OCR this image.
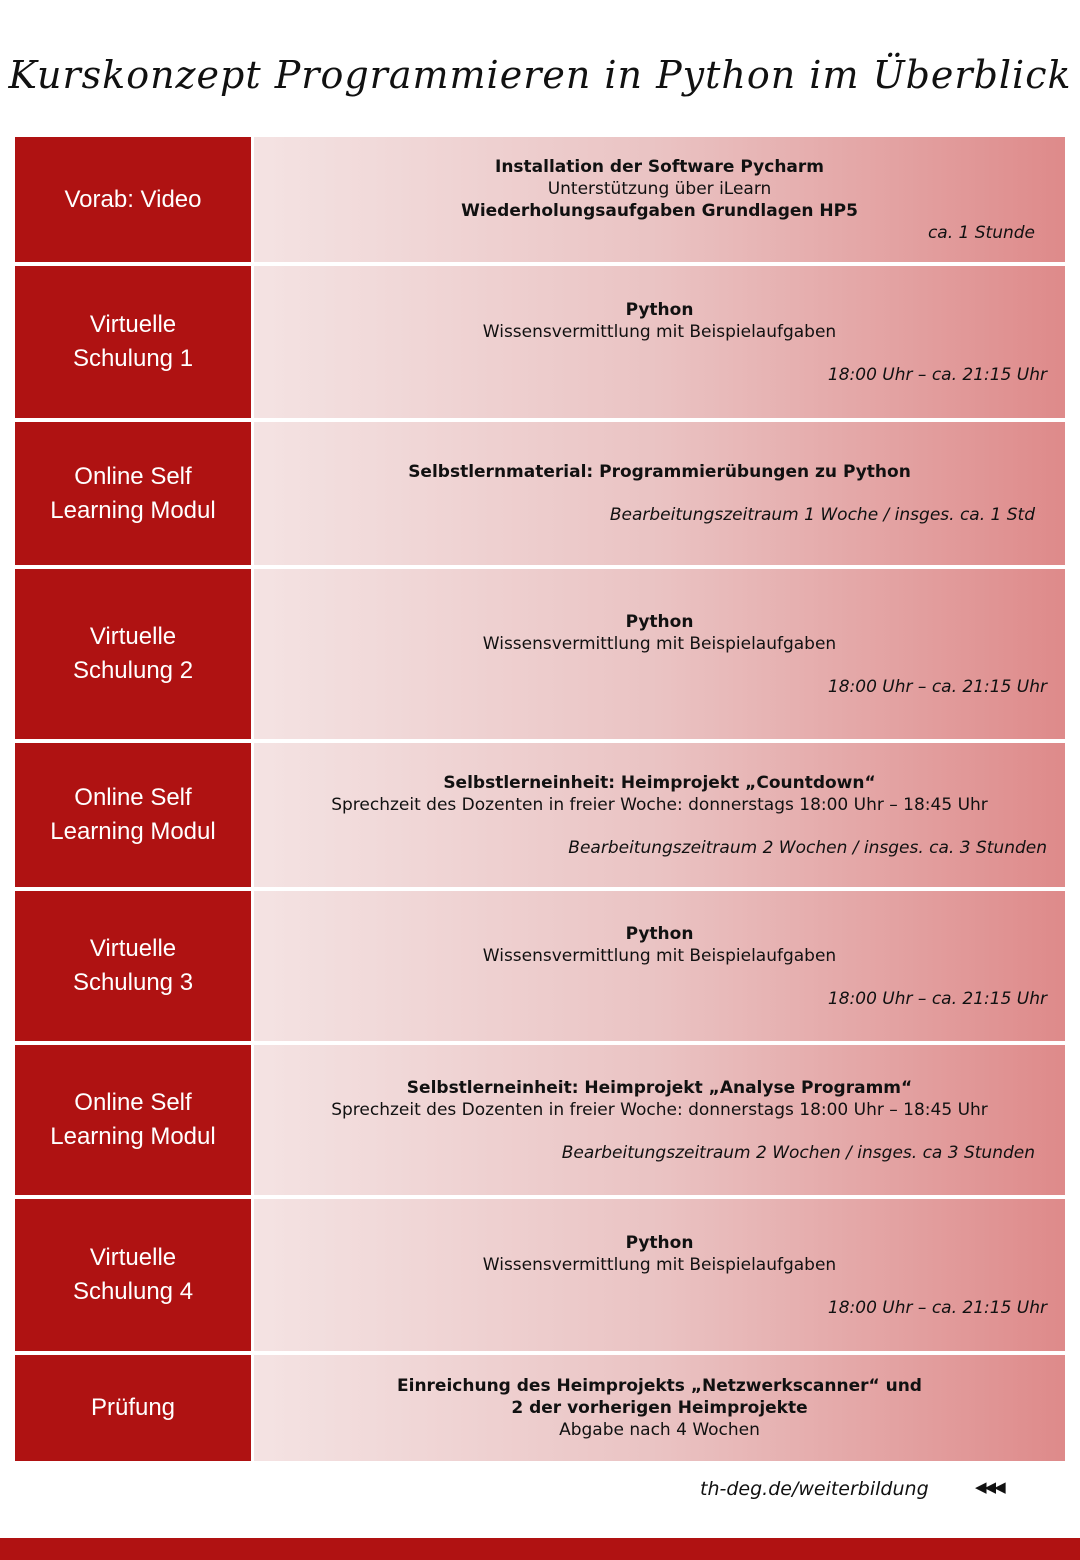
Kurskonzept Programmieren in Python im Überblick
Vorab: Video
Installation der Software Pycharm
Unterstützung über iLearn
Wiederholungsaufgaben Grundlagen HP5
ca. 1 Stunde
Virtuelle
Schulung 1
Python
Wissensvermittlung mit Beispielaufgaben
18:00 Uhr – ca. 21:15 Uhr
Online Self
Learning Modul
Selbstlernmaterial: Programmierübungen zu Python
Bearbeitungszeitraum 1 Woche / insges. ca. 1 Std
Virtuelle
Schulung 2
Python
Wissensvermittlung mit Beispielaufgaben
18:00 Uhr – ca. 21:15 Uhr
Online Self
Learning Modul
Selbstlerneinheit: Heimprojekt „Countdown“
Sprechzeit des Dozenten in freier Woche: donnerstags 18:00 Uhr – 18:45 Uhr
Bearbeitungszeitraum 2 Wochen / insges. ca. 3 Stunden
Virtuelle
Schulung 3
Python
Wissensvermittlung mit Beispielaufgaben
18:00 Uhr – ca. 21:15 Uhr
Online Self
Learning Modul
Selbstlerneinheit: Heimprojekt „Analyse Programm“
Sprechzeit des Dozenten in freier Woche: donnerstags 18:00 Uhr – 18:45 Uhr
Bearbeitungszeitraum 2 Wochen / insges. ca 3 Stunden
Virtuelle
Schulung 4
Python
Wissensvermittlung mit Beispielaufgaben
18:00 Uhr – ca. 21:15 Uhr
Prüfung
Einreichung des Heimprojekts „Netzwerkscanner“ und
2 der vorherigen Heimprojekte
Abgabe nach 4 Wochen
th-deg.de/weiterbildung	◀◀◀
